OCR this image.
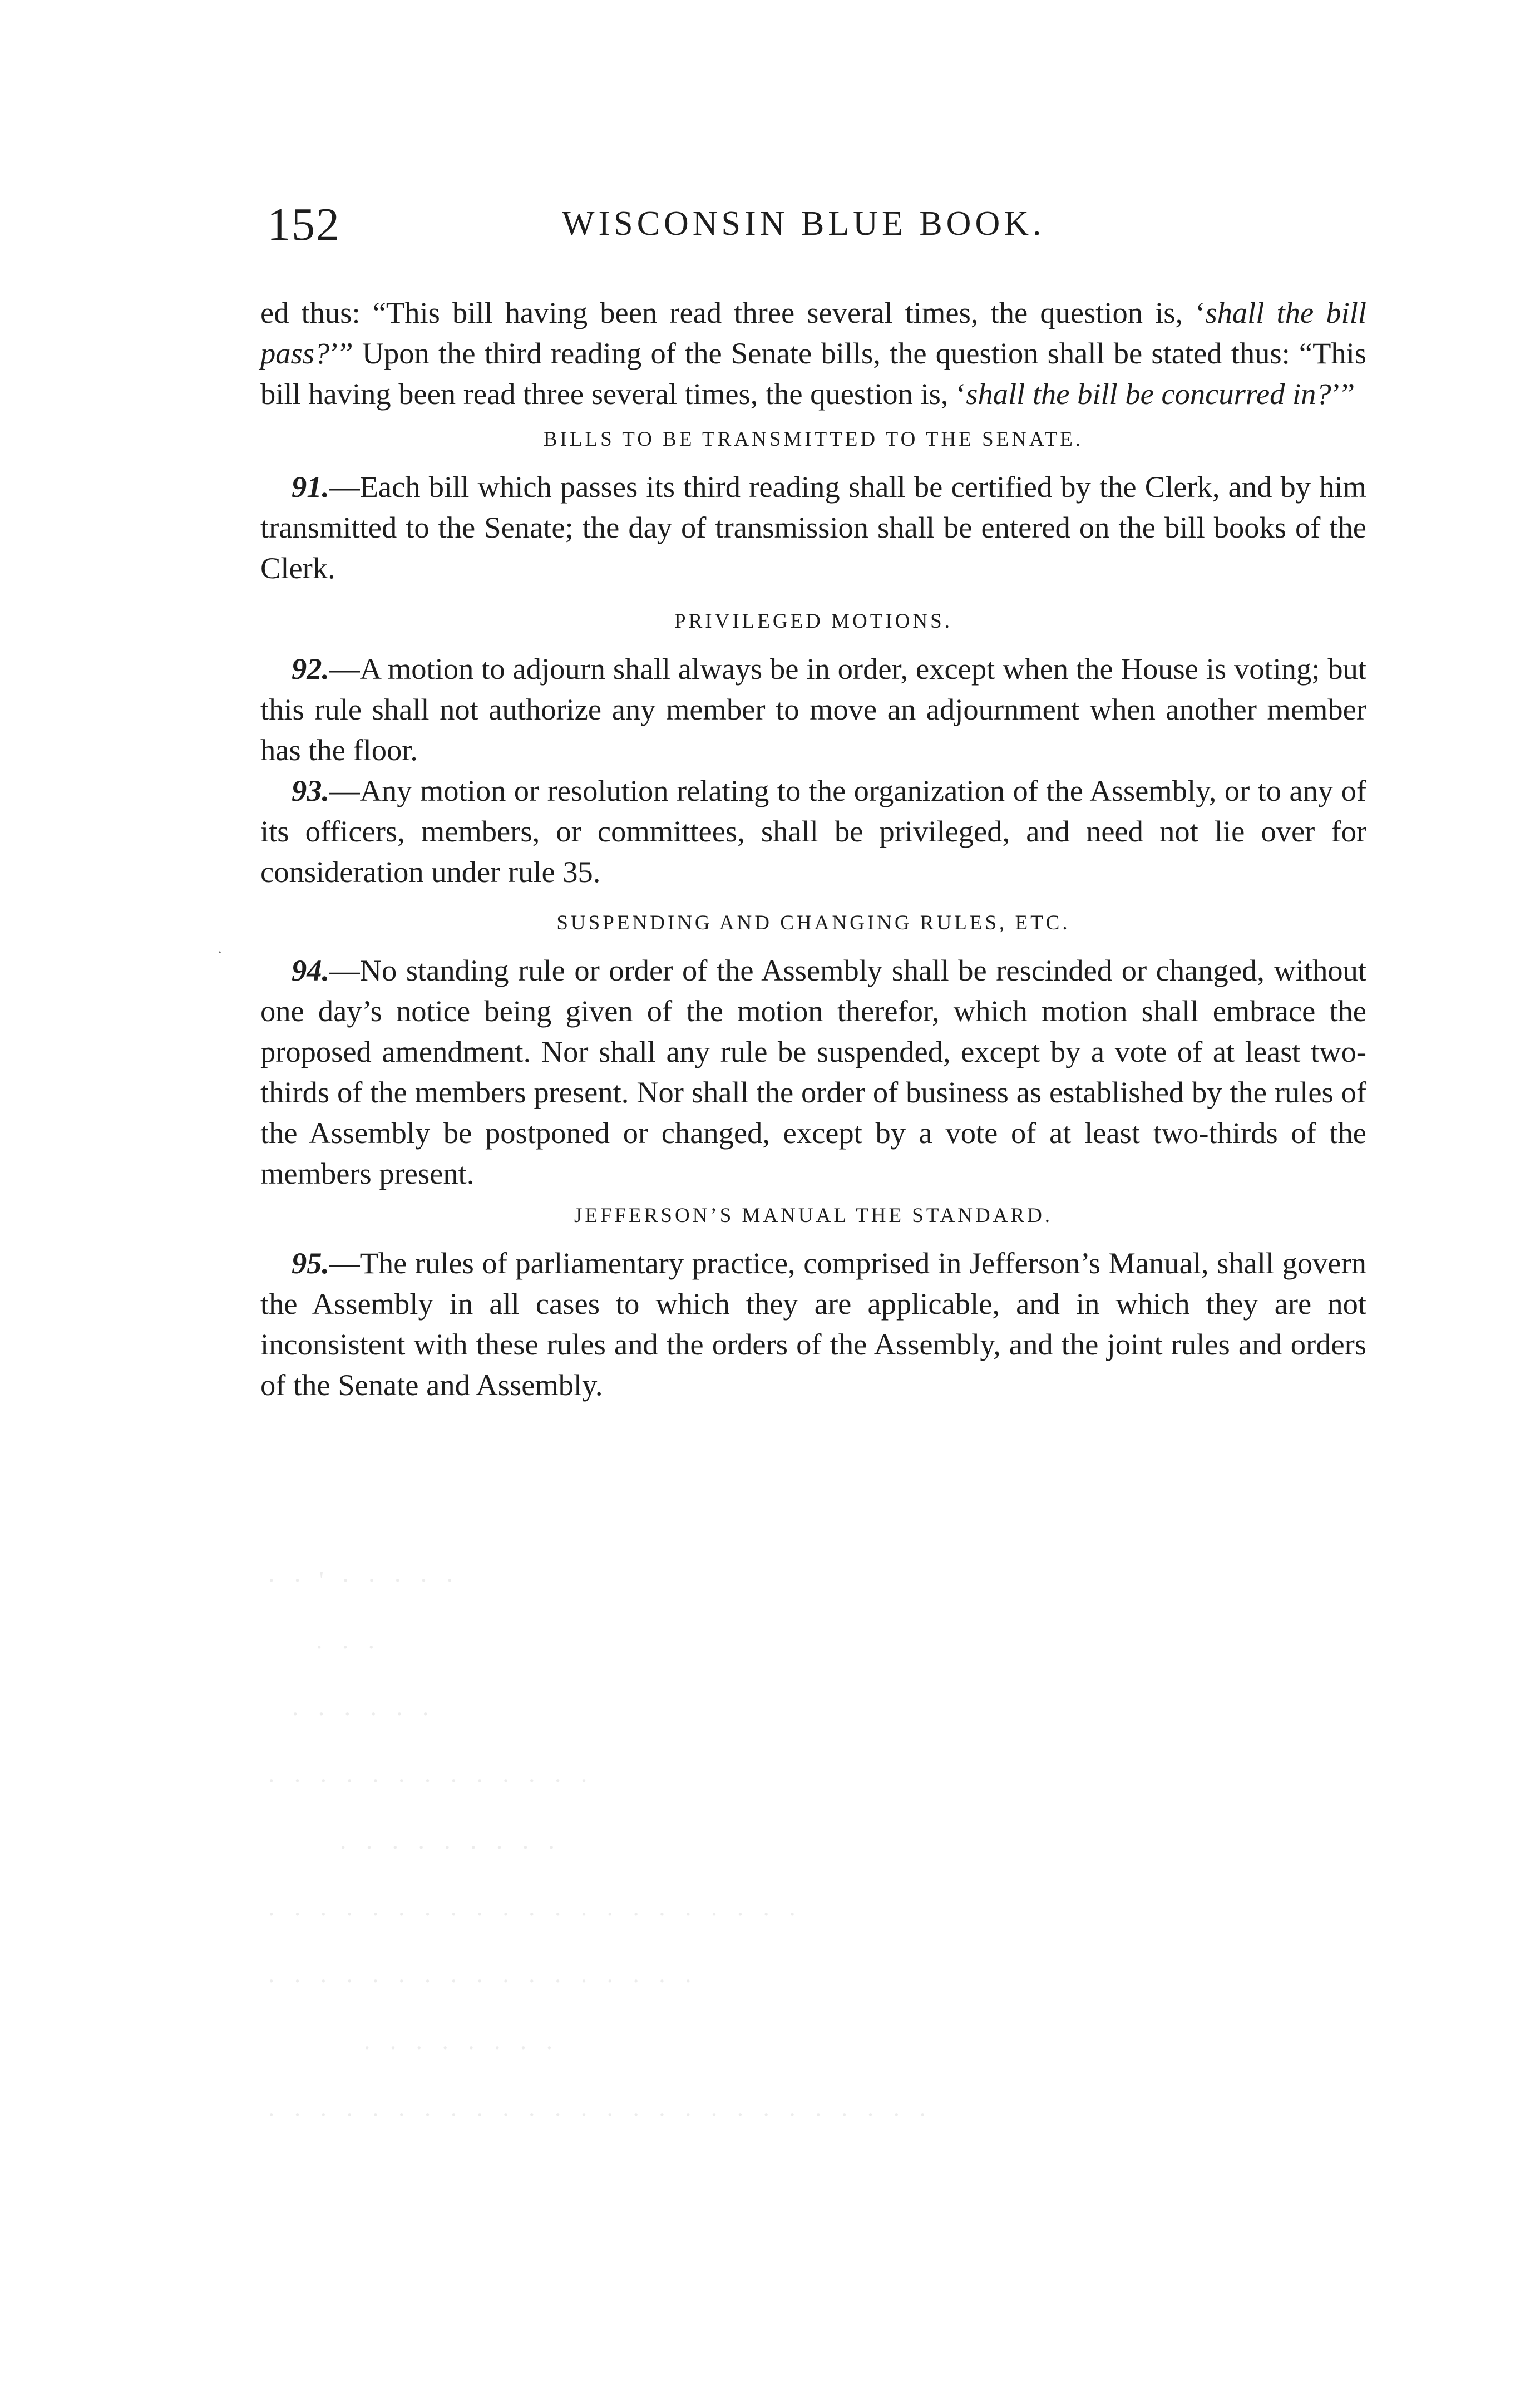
152	WISCONSIN BLUE BOOK.
·

ed thus: “This bill having been read three several times, the question is, ‘shall the bill pass?’” Upon the third reading of the Senate bills, the question shall be stated thus: “This bill having been read three several times, the question is, ‘shall the bill be concurred in?’”

BILLS TO BE TRANSMITTED TO THE SENATE.

91.—Each bill which passes its third reading shall be certified by the Clerk, and by him transmitted to the Senate; the day of transmission shall be entered on the bill books of the Clerk.

PRIVILEGED MOTIONS.

92.—A motion to adjourn shall always be in order, except when the House is voting; but this rule shall not authorize any member to move an adjournment when another member has the floor.

93.—Any motion or resolution relating to the organization of the Assembly, or to any of its officers, members, or committees, shall be privileged, and need not lie over for consideration under rule 35.

SUSPENDING AND CHANGING RULES, ETC.

94.—No standing rule or order of the Assembly shall be rescinded or changed, without one day’s notice being given of the motion therefor, which motion shall embrace the proposed amendment. Nor shall any rule be suspended, except by a vote of at least two-thirds of the members present. Nor shall the order of business as established by the rules of the Assembly be postponed or changed, except by a vote of at least two-thirds of the members present.

JEFFERSON’S MANUAL THE STANDARD.

95.—The rules of parliamentary practice, comprised in Jefferson’s Manual, shall govern the Assembly in all cases to which they are applicable, and in which they are not inconsistent with these rules and the orders of the Assembly, and the joint rules and orders of the Senate and Assembly.

· · ' · · · · ·
· · ·
· · · · · ·
· · · · · · · · · · · · ·
· · · · · · · · ·
· · · · · · · · · · · · · · · · · · · · ·
· · · · · · · · · · · · · · · · ·
· · · · · · · ·
· · · · · · · · · · · · · · · · · · · · · · · · · ·
